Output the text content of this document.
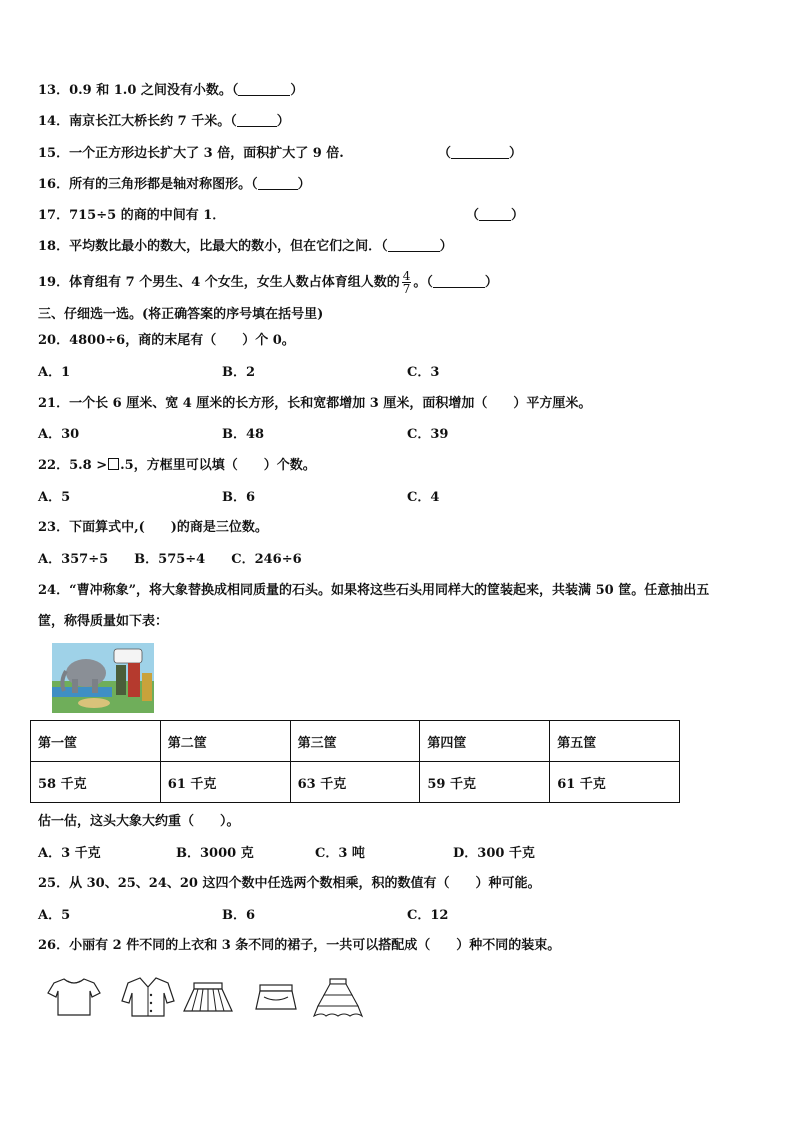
13．0.9 和 1.0 之间没有小数。（	）
14．南京长江大桥长约 7 千米。（	）
15．一个正方形边长扩大了 3 倍，面积扩大了 9 倍.	（	）
16．所有的三角形都是轴对称图形。（	）
17．715÷5 的商的中间有 1．	（ ）
18．平均数比最小的数大，比最大的数小，但在它们之间．（	）
19．体育组有 7 个男生、4 个女生，女生人数占体育组人数的 $\frac{4}{7}$ 。（	）
三、仔细选一选。(将正确答案的序号填在括号里)
20．4800÷6，商的末尾有（　　）个 0。
A．1	B．2	C．3
21．一个长 6 厘米、宽 4 厘米的长方形，长和宽都增加 3 厘米，面积增加（　　）平方厘米。
A．30	B．48	C．39
22．5.8 > .5，方框里可以填（　　）个数。
A．5	B．6	C．4
23．下面算式中,(　　)的商是三位数。
A．357÷5　　B．575÷4　　C．246÷6
24．“曹冲称象”，将大象替换成相同质量的石头。如果将这些石头用同样大的筐装起来，共装满 50 筐。任意抽出五
筐，称得质量如下表：
第一筐	第二筐	第三筐	第四筐	第五筐
58 千克	61 千克	63 千克	59 千克	61 千克
估一估，这头大象大约重（　　）。
A．3 千克	B．3000 克	C．3 吨	D．300 千克
25．从 30、25、24、20 这四个数中任选两个数相乘，积的数值有（　　）种可能。
A．5	B．6	C．12
26．小丽有 2 件不同的上衣和 3 条不同的裙子，一共可以搭配成（　　）种不同的装束。
